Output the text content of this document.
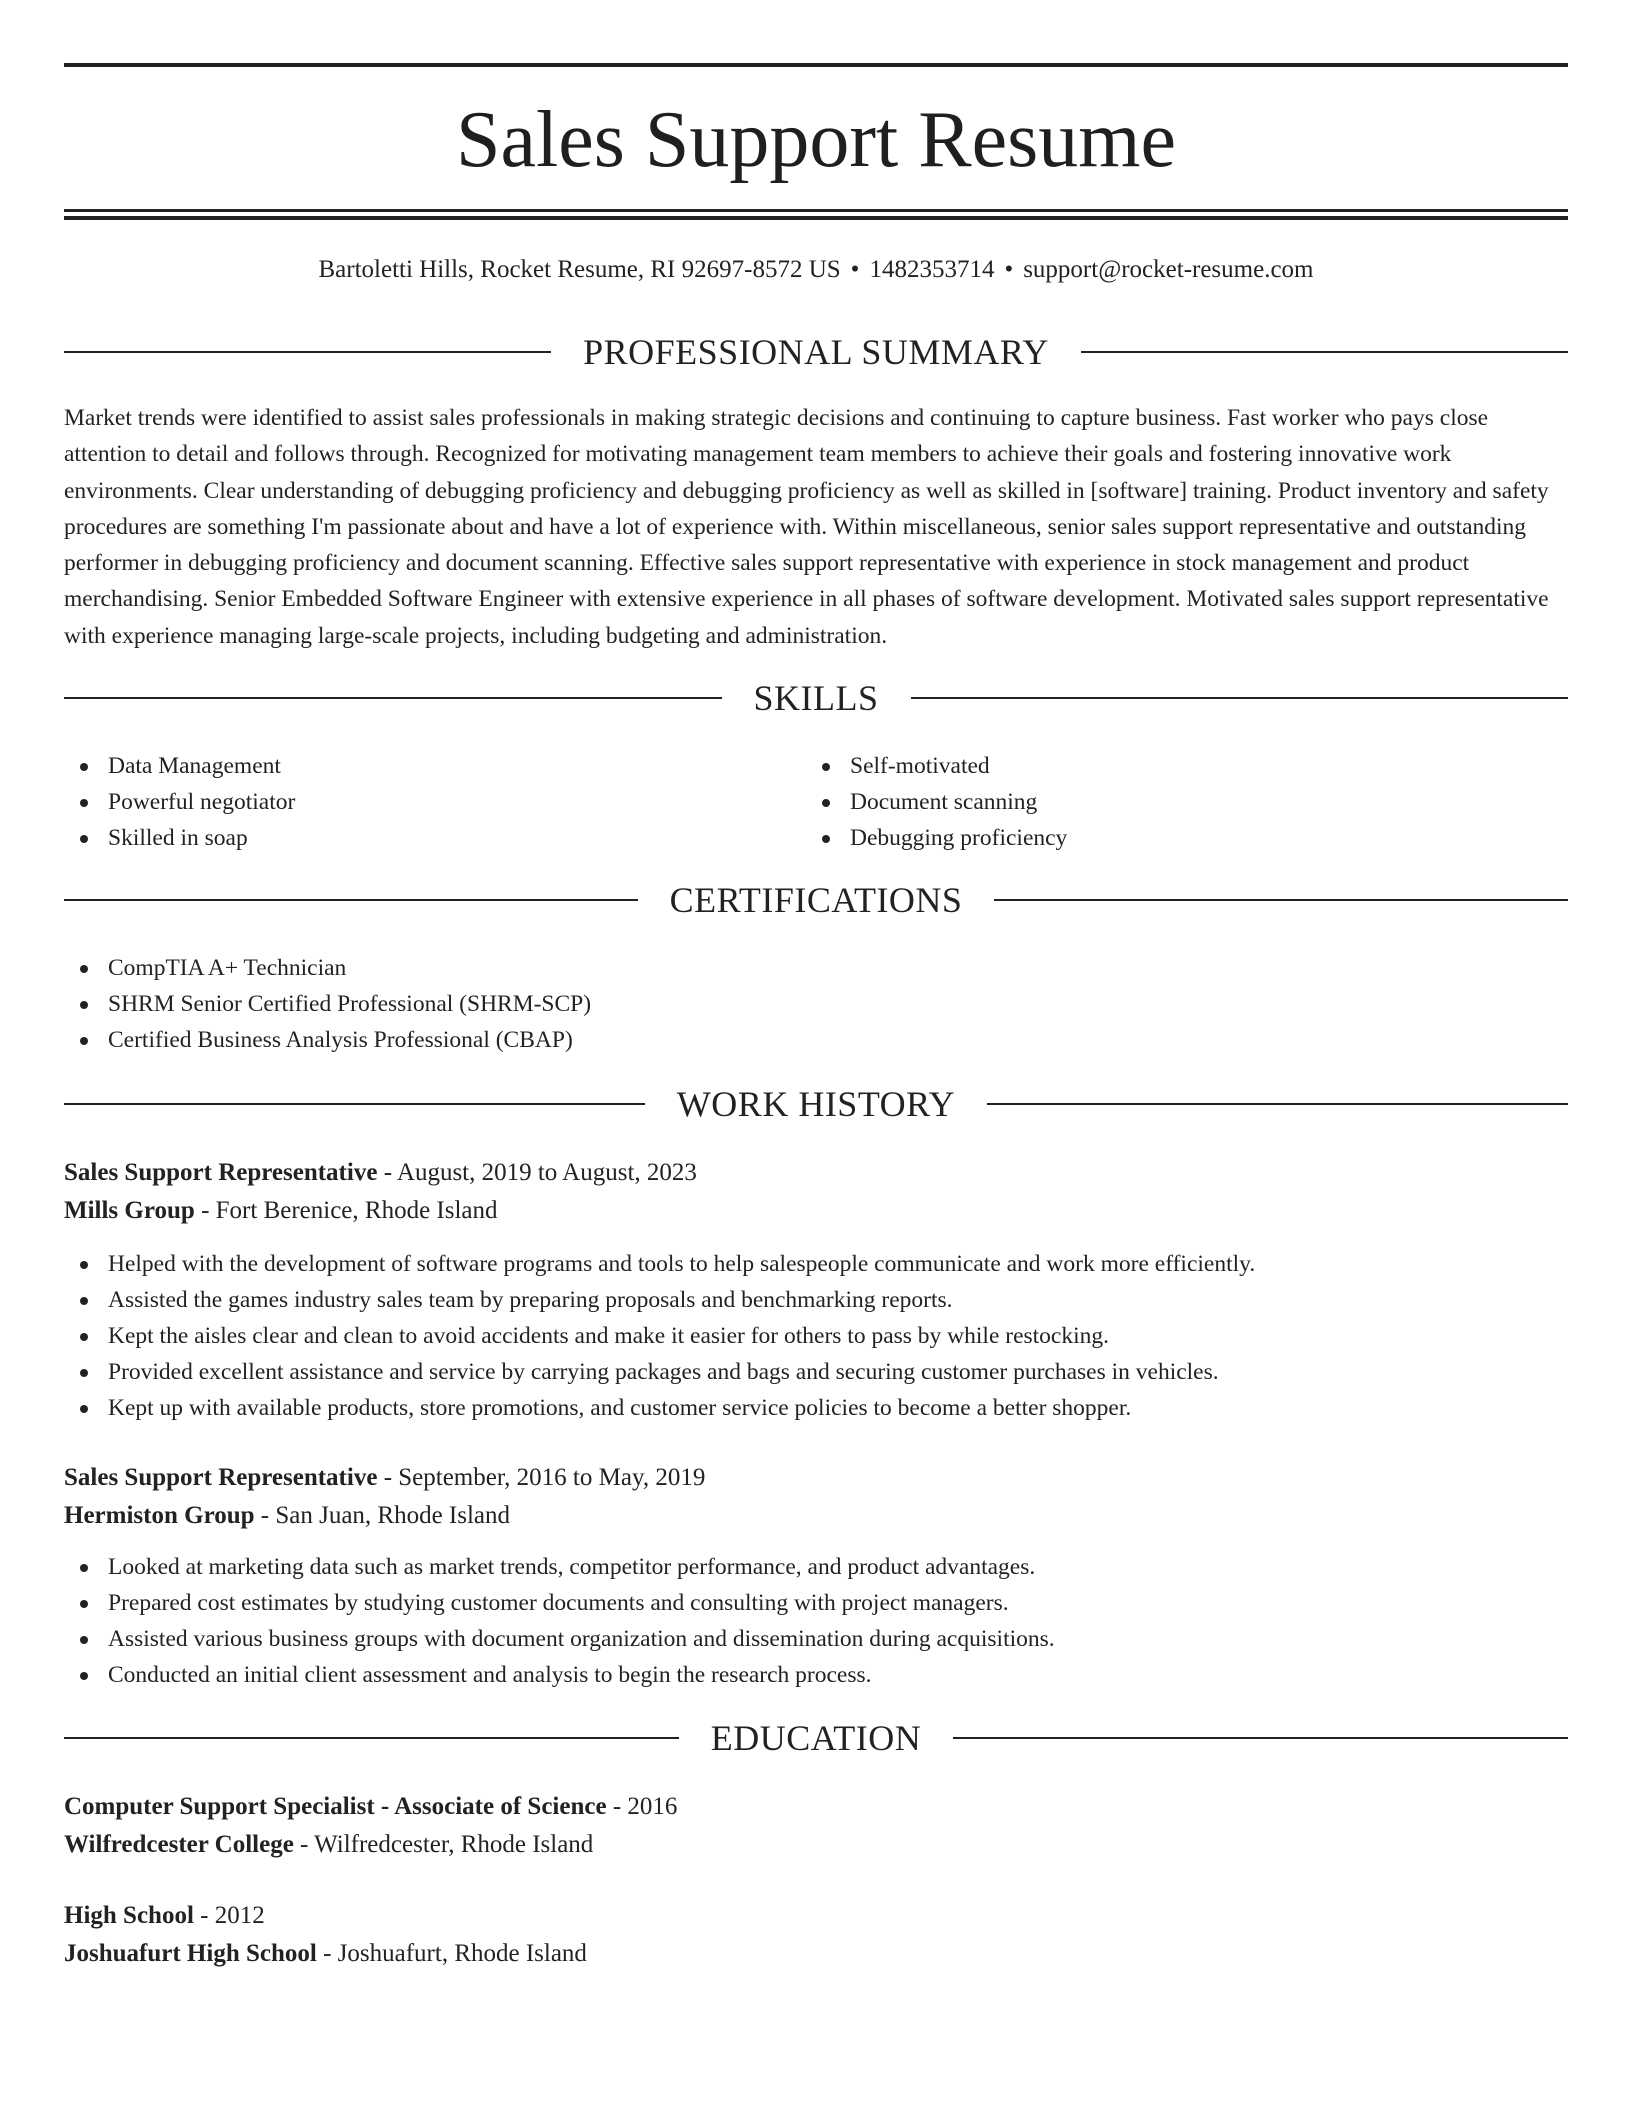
Sales Support Resume
Bartoletti Hills, Rocket Resume, RI 92697-8572 US • 1482353714 • support@rocket-resume.com
PROFESSIONAL SUMMARY
Market trends were identified to assist sales professionals in making strategic decisions and continuing to capture business. Fast worker who pays close attention to detail and follows through. Recognized for motivating management team members to achieve their goals and fostering innovative work environments. Clear understanding of debugging proficiency and debugging proficiency as well as skilled in [software] training. Product inventory and safety procedures are something I'm passionate about and have a lot of experience with. Within miscellaneous, senior sales support representative and outstanding performer in debugging proficiency and document scanning. Effective sales support representative with experience in stock management and product merchandising. Senior Embedded Software Engineer with extensive experience in all phases of software development. Motivated sales support representative with experience managing large-scale projects, including budgeting and administration.
SKILLS
Data Management
Powerful negotiator
Skilled in soap
Self-motivated
Document scanning
Debugging proficiency
CERTIFICATIONS
CompTIA A+ Technician
SHRM Senior Certified Professional (SHRM-SCP)
Certified Business Analysis Professional (CBAP)
WORK HISTORY
Sales Support Representative - August, 2019 to August, 2023
Mills Group - Fort Berenice, Rhode Island
Helped with the development of software programs and tools to help salespeople communicate and work more efficiently.
Assisted the games industry sales team by preparing proposals and benchmarking reports.
Kept the aisles clear and clean to avoid accidents and make it easier for others to pass by while restocking.
Provided excellent assistance and service by carrying packages and bags and securing customer purchases in vehicles.
Kept up with available products, store promotions, and customer service policies to become a better shopper.
Sales Support Representative - September, 2016 to May, 2019
Hermiston Group - San Juan, Rhode Island
Looked at marketing data such as market trends, competitor performance, and product advantages.
Prepared cost estimates by studying customer documents and consulting with project managers.
Assisted various business groups with document organization and dissemination during acquisitions.
Conducted an initial client assessment and analysis to begin the research process.
EDUCATION
Computer Support Specialist - Associate of Science - 2016
Wilfredcester College - Wilfredcester, Rhode Island
High School - 2012
Joshuafurt High School - Joshuafurt, Rhode Island
